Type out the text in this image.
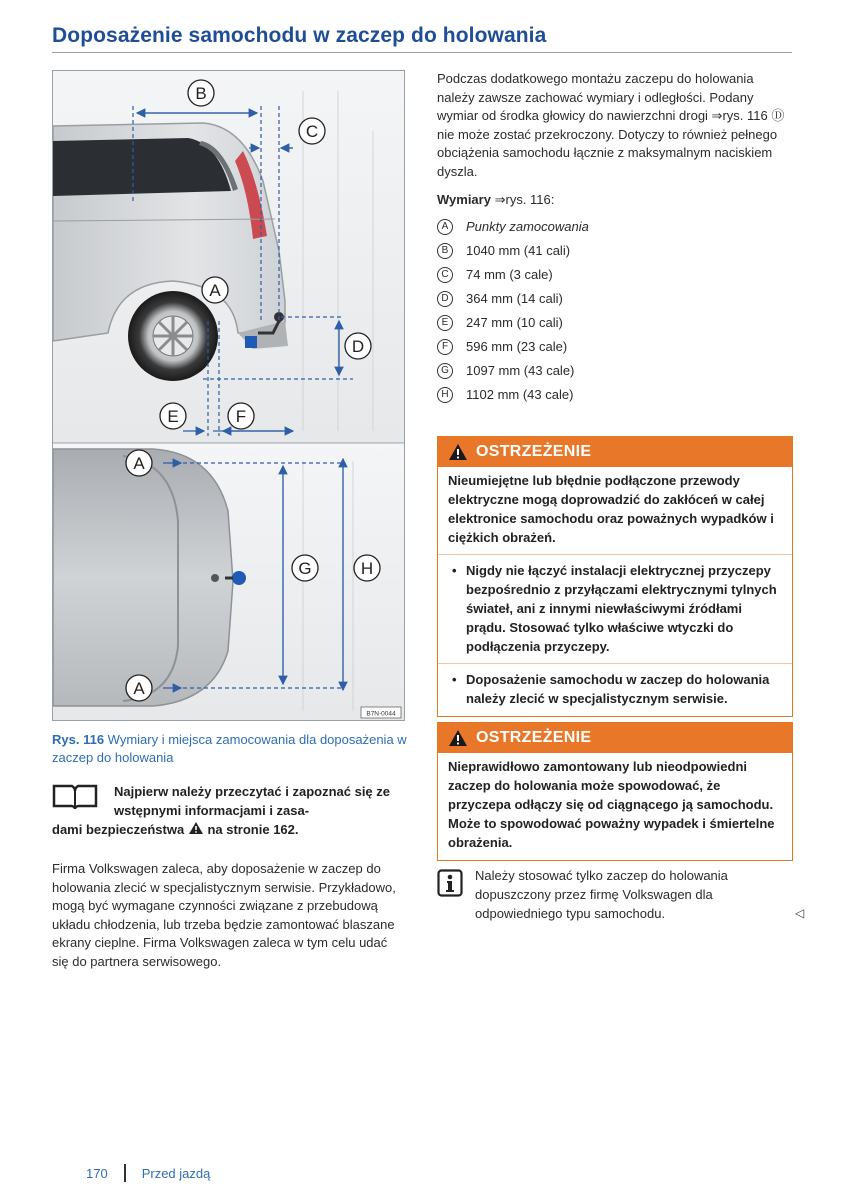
Doposażenie samochodu w zaczep do holowania
B
C
A
D
E	F
A
G	H
A
B7N-0044
Rys. 116 Wymiary i miejsca zamocowania dla doposażenia w zaczep do holowania
Najpierw należy przeczytać i zapoznać się ze wstępnymi informacjami i zasa-
dami bezpieczeństwa na stronie 162.
Firma Volkswagen zaleca, aby doposażenie w zaczep do holowania zlecić w specjalistycznym serwisie. Przykładowo, mogą być wymagane czynności związane z przebudową układu chłodzenia, lub trzeba będzie zamontować blaszane ekrany cieplne. Firma Volkswagen zaleca w tym celu udać się do partnera serwisowego.
Podczas dodatkowego montażu zaczepu do holowania należy zawsze zachować wymiary i odległości. Podany wymiar od środka głowicy do nawierzchni drogi ⇒rys. 116 Ⓓ nie może zostać przekroczony. Dotyczy to również pełnego obciążenia samochodu łącznie z maksymalnym naciskiem dyszla.
Wymiary ⇒rys. 116:
A	Punkty zamocowania
B	1040 mm (41 cali)
C	74 mm (3 cale)
D	364 mm (14 cali)
E	247 mm (10 cali)
F	596 mm (23 cale)
G	1097 mm (43 cale)
H	1102 mm (43 cale)
OSTRZEŻENIE
Nieumiejętne lub błędnie podłączone przewody elektryczne mogą doprowadzić do zakłóceń w całej elektronice samochodu oraz poważnych wypadków i ciężkich obrażeń.
• Nigdy nie łączyć instalacji elektrycznej przyczepy bezpośrednio z przyłączami elektrycznymi tylnych świateł, ani z innymi niewłaściwymi źródłami prądu. Stosować tylko właściwe wtyczki do podłączenia przyczepy.
• Doposażenie samochodu w zaczep do holowania należy zlecić w specjalistycznym serwisie.
OSTRZEŻENIE
Nieprawidłowo zamontowany lub nieodpowiedni zaczep do holowania może spowodować, że przyczepa odłączy się od ciągnącego ją samochodu. Może to spowodować poważny wypadek i śmiertelne obrażenia.
Należy stosować tylko zaczep do holowania dopuszczony przez firmę Volkswagen dla odpowiedniego typu samochodu.	◁
170	Przed jazdą
